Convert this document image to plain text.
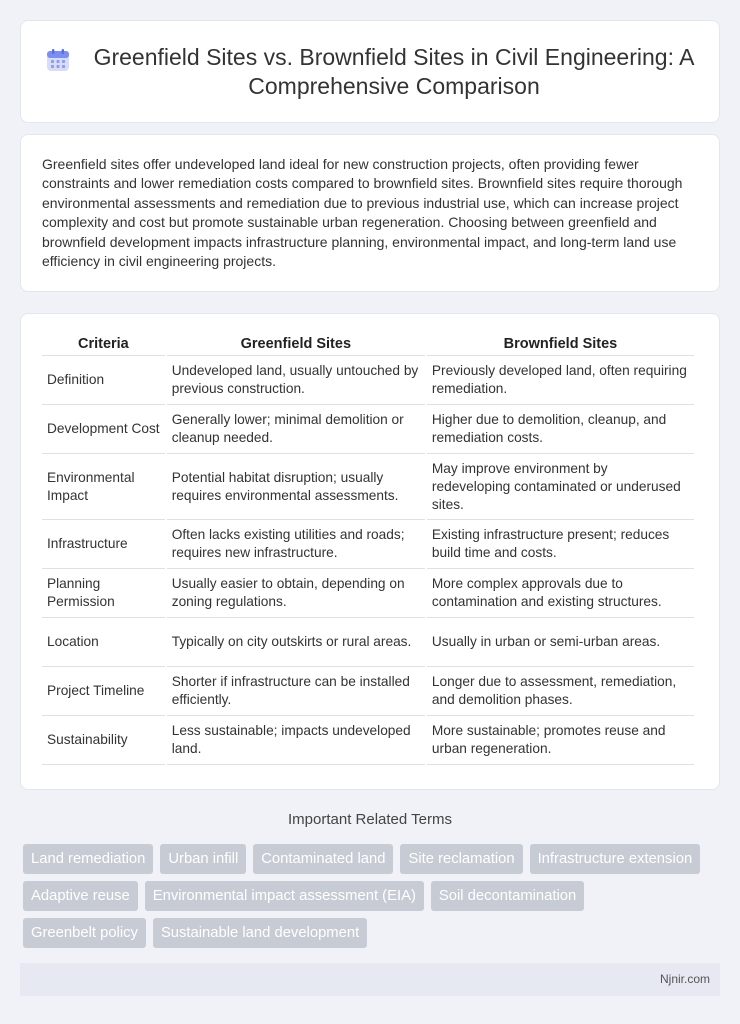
Greenfield Sites vs. Brownfield Sites in Civil Engineering: A Comprehensive Comparison

Greenfield sites offer undeveloped land ideal for new construction projects, often providing fewer constraints and lower remediation costs compared to brownfield sites. Brownfield sites require thorough environmental assessments and remediation due to previous industrial use, which can increase project complexity and cost but promote sustainable urban regeneration. Choosing between greenfield and brownfield development impacts infrastructure planning, environmental impact, and long-term land use efficiency in civil engineering projects.

Criteria	Greenfield Sites	Brownfield Sites
Definition	Undeveloped land, usually untouched by previous construction.	Previously developed land, often requiring remediation.
Development Cost	Generally lower; minimal demolition or cleanup needed.	Higher due to demolition, cleanup, and remediation costs.
Environmental Impact	Potential habitat disruption; usually requires environmental assessments.	May improve environment by redeveloping contaminated or underused sites.
Infrastructure	Often lacks existing utilities and roads; requires new infrastructure.	Existing infrastructure present; reduces build time and costs.
Planning Permission	Usually easier to obtain, depending on zoning regulations.	More complex approvals due to contamination and existing structures.
Location	Typically on city outskirts or rural areas.	Usually in urban or semi-urban areas.
Project Timeline	Shorter if infrastructure can be installed efficiently.	Longer due to assessment, remediation, and demolition phases.
Sustainability	Less sustainable; impacts undeveloped land.	More sustainable; promotes reuse and urban regeneration.
Important Related Terms
Land remediation	Urban infill	Contaminated land	Site reclamation	Infrastructure extension
Adaptive reuse	Environmental impact assessment (EIA)	Soil decontamination
Greenbelt policy	Sustainable land development
Njnir.com
